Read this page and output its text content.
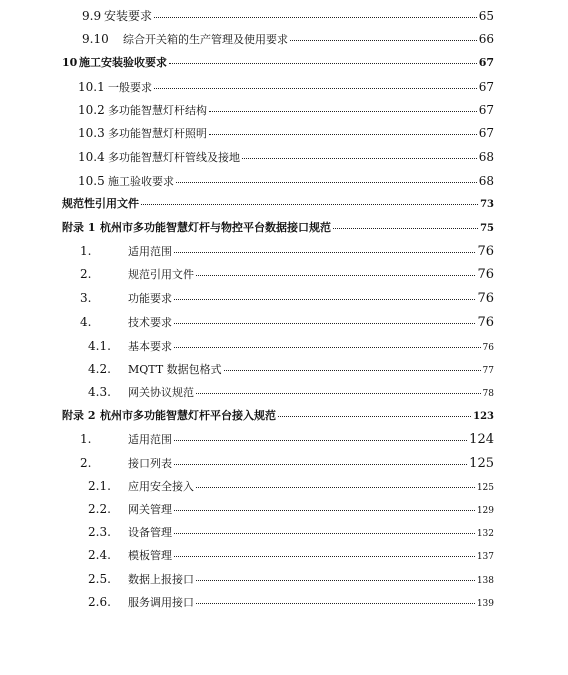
9.9 安装要求	65
9.10	综合开关箱的生产管理及使用要求	66
10 施工安装验收要求	67
10.1 一般要求	67
10.2 多功能智慧灯杆结构	67
10.3 多功能智慧灯杆照明	67
10.4 多功能智慧灯杆管线及接地	68
10.5 施工验收要求	68
规范性引用文件	73
附录 1 杭州市多功能智慧灯杆与物控平台数据接口规范	75
1.	适用范围	76
2.	规范引用文件	76
3.	功能要求	76
4.	技术要求	76
4.1.	基本要求	76
4.2.	MQTT 数据包格式	77
4.3.	网关协议规范	78
附录 2 杭州市多功能智慧灯杆平台接入规范	123
1.	适用范围	124
2.	接口列表	125
2.1.	应用安全接入	125
2.2.	网关管理	129
2.3.	设备管理	132
2.4.	模板管理	137
2.5.	数据上报接口	138
2.6.	服务调用接口	139
